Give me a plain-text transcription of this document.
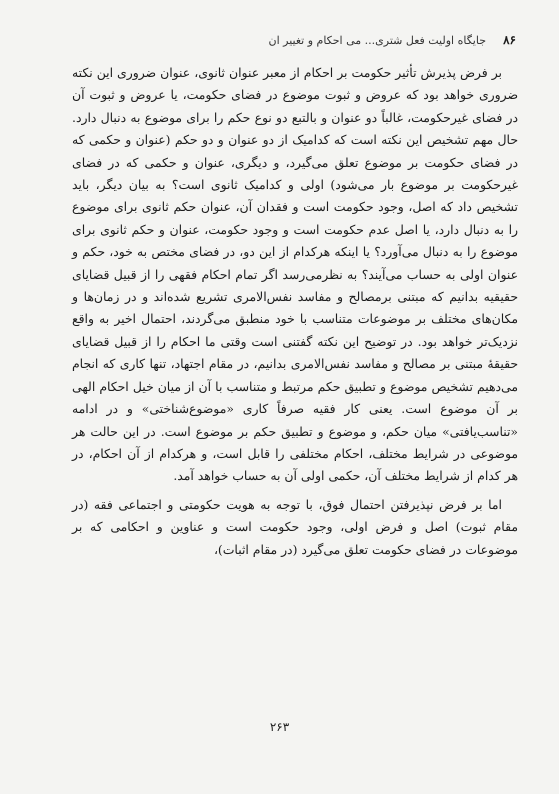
۸۶
جایگاه اولیت فعل شتری... می احکام و تغییر ان

بر فرض پذیرش تأثیر حکومت بر احکام از معبر عنوان ثانوی، عنوان ضروری این نکته ضروری خواهد بود که عروض و ثبوت موضوع در فضای حکومت، یا عروض و ثبوت آن در فضای غیرحکومت، غالباً دو عنوان و بالتبع دو نوع حکم را برای موضوع به دنبال دارد. حال مهم تشخیص این نکته است که کدامیک از دو عنوان و دو حکم (عنوان و حکمی که در فضای حکومت بر موضوع تعلق می‌گیرد، و دیگری، عنوان و حکمی که در فضای غیرحکومت بر موضوع بار می‌شود) اولی و کدامیک ثانوی است؟ به بیان دیگر، باید تشخیص داد که اصل، وجود حکومت است و فقدان آن، عنوان حکم ثانوی برای موضوع را به دنبال دارد، یا اصل عدم حکومت است و وجود حکومت، عنوان و حکم ثانوی برای موضوع را به دنبال می‌آورد؟ یا اینکه هرکدام از این دو، در فضای مختص به خود، حکم و عنوان اولی به حساب می‌آیند؟ به نظرمی‌رسد اگر تمام احکام فقهی را از قبیل قضایای حقیقیه بدانیم که مبتنی برمصالح و مفاسد نفس‌الامری تشریع شده‌اند و در زمان‌ها و مکان‌های مختلف بر موضوعات متناسب با خود منطبق می‌گردند، احتمال اخیر به واقع نزدیک‌تر خواهد بود. در توضیح این نکته گفتنی است وقتی ما احکام را از قبیل قضایای حقیقهٔ مبتنی بر مصالح و مفاسد نفس‌الامری بدانیم، در مقام اجتهاد، تنها کاری که انجام می‌دهیم تشخیص موضوع و تطبیق حکم مرتبط و متناسب با آن از میان خیل احکام الهی بر آن موضوع است. یعنی کار فقیه صرفاً کاری «موضوع‌شناختی» و در ادامه «تناسب‌یافتی» میان حکم، و موضوع و تطبیق حکم بر موضوع است. در این حالت هر موضوعی در شرایط مختلف، احکام مختلفی را قابل است، و هرکدام از آن احکام، در هر کدام از شرایط مختلف آن، حکمی اولی آن به حساب خواهد آمد.

اما بر فرض نپذیرفتن احتمال فوق، با توجه به هویت حکومتی و اجتماعی فقه (در مقام ثبوت) اصل و فرض اولی، وجود حکومت است و عناوین و احکامی که بر موضوعات در فضای حکومت تعلق می‌گیرد (در مقام اثبات)،

۲۶۳
